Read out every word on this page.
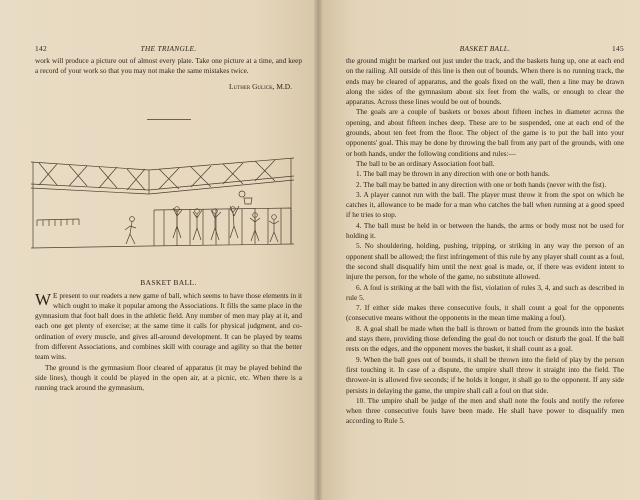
142	THE TRIANGLE.

work will produce a picture out of almost every plate. Take one picture at a time, and keep a record of your work so that you may not make the same mistakes twice.

Luther Gulick, M.D.
BASKET BALL.

W E present to our readers a new game of ball, which seems to have those elements in it which ought to make it popular among the Associations. It fills the same place in the gymnasium that foot ball does in the athletic field. Any number of men may play at it, and each one get plenty of exercise; at the same time it calls for physical judgment, and co-ordination of every muscle, and gives all-around development. It can be played by teams from different Associations, and combines skill with courage and agility so that the better team wins.

The ground is the gymnasium floor cleared of apparatus (it may be played behind the side lines), though it could be played in the open air, at a picnic, etc. When there is a running track around the gymnasium,

BASKET BALL.	145

the ground might be marked out just under the track, and the baskets hung up, one at each end on the railing. All outside of this line is then out of bounds. When there is no running track, the ends may be cleared of apparatus, and the goals fixed on the wall, then a line may be drawn along the sides of the gymnasium about six feet from the walls, or enough to clear the apparatus. Across these lines would be out of bounds.

The goals are a couple of baskets or boxes about fifteen inches in diameter across the opening, and about fifteen inches deep. These are to be suspended, one at each end of the grounds, about ten feet from the floor. The object of the game is to put the ball into your opponents' goal. This may be done by throwing the ball from any part of the grounds, with one or both hands, under the following conditions and rules:—

The ball to be an ordinary Association foot ball.

1. The ball may be thrown in any direction with one or both hands.

2. The ball may be batted in any direction with one or both hands (never with the fist).

3. A player cannot run with the ball. The player must throw it from the spot on which he catches it, allowance to be made for a man who catches the ball when running at a good speed if he tries to stop.

4. The ball must be held in or between the hands, the arms or body must not be used for holding it.

5. No shouldering, holding, pushing, tripping, or striking in any way the person of an opponent shall be allowed; the first infringement of this rule by any player shall count as a foul, the second shall disqualify him until the next goal is made, or, if there was evident intent to injure the person, for the whole of the game, no substitute allowed.

6. A foul is striking at the ball with the fist, violation of rules 3, 4, and such as described in rule 5.

7. If either side makes three consecutive fouls, it shall count a goal for the opponents (consecutive means without the opponents in the mean time making a foul).

8. A goal shall be made when the ball is thrown or batted from the grounds into the basket and stays there, providing those defending the goal do not touch or disturb the goal. If the ball rests on the edges, and the opponent moves the basket, it shall count as a goal.

9. When the ball goes out of bounds, it shall be thrown into the field of play by the person first touching it. In case of a dispute, the umpire shall throw it straight into the field. The thrower-in is allowed five seconds; if he holds it longer, it shall go to the opponent. If any side persists in delaying the game, the umpire shall call a foul on that side.

10. The umpire shall be judge of the men and shall note the fouls and notify the referee when three consecutive fouls have been made. He shall have power to disqualify men according to Rule 5.
